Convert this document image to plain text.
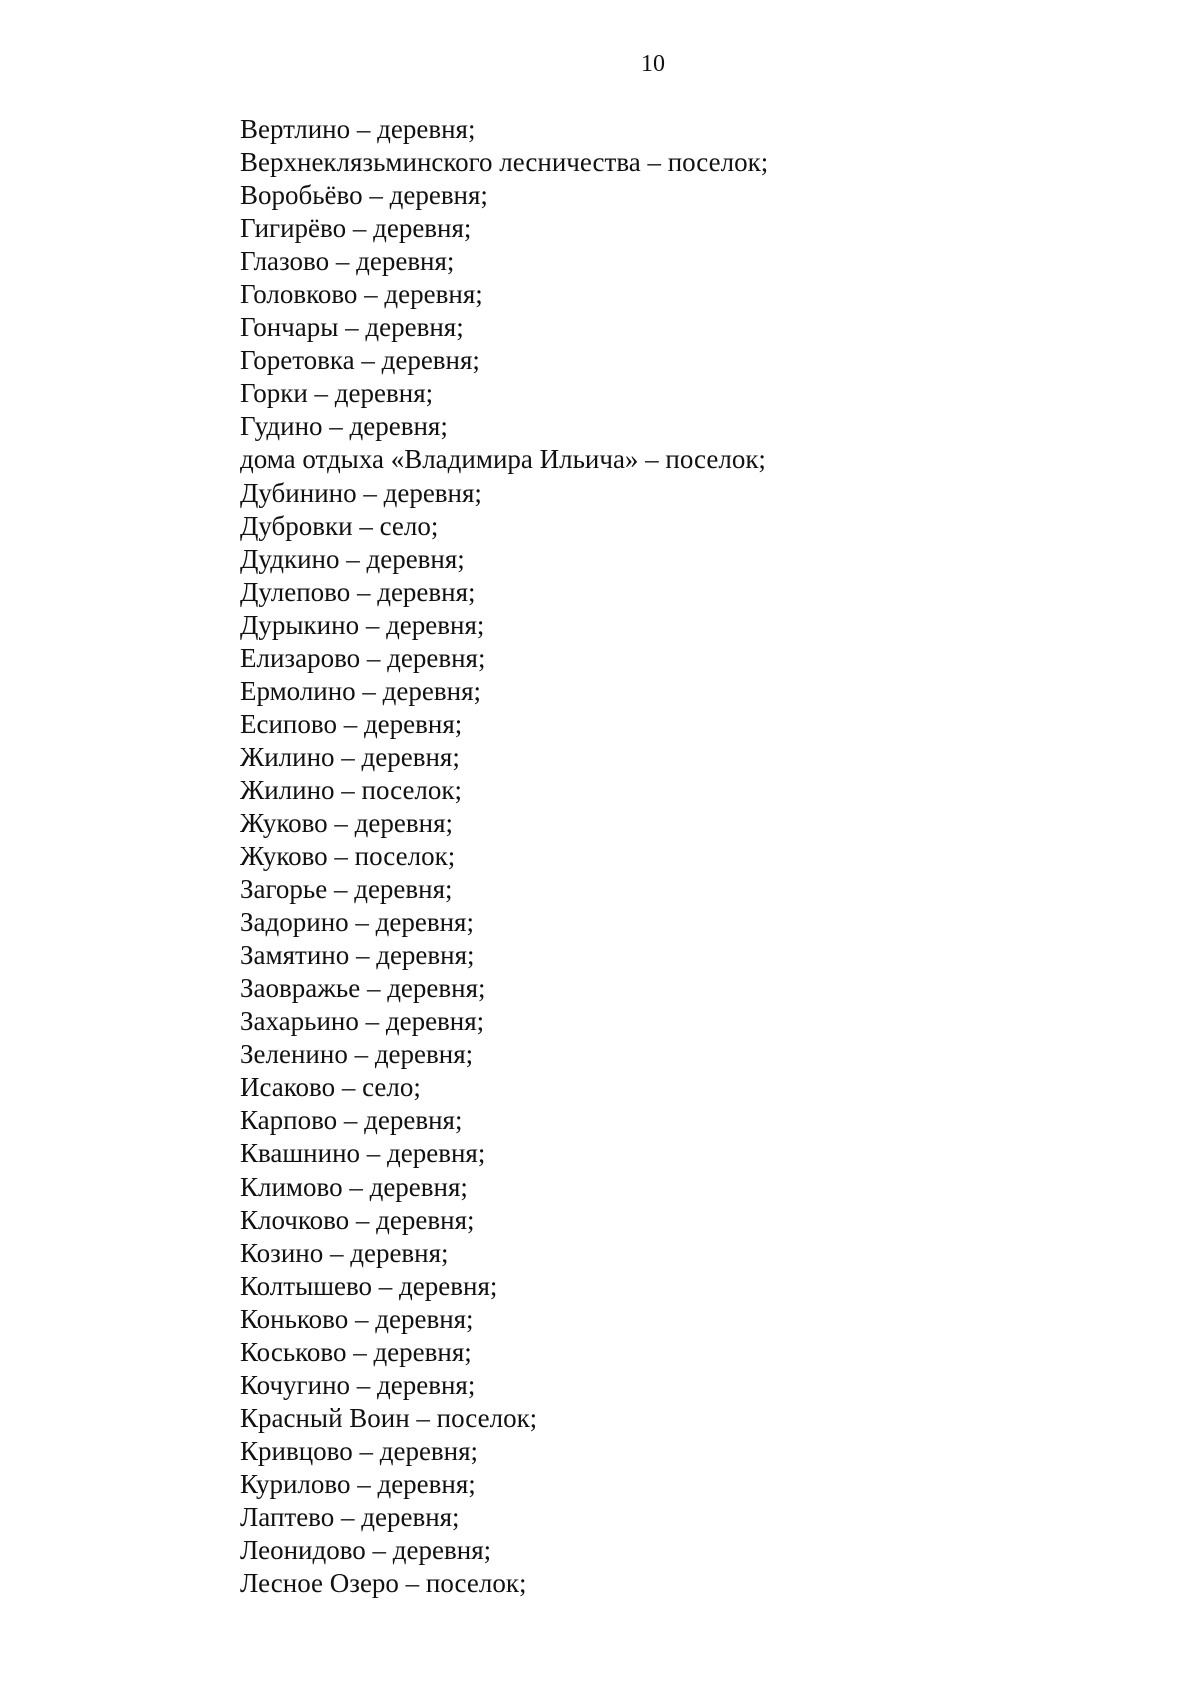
10
Вертлино – деревня;
Верхнеклязьминского лесничества – поселок;
Воробьёво – деревня;
Гигирёво – деревня;
Глазово – деревня;
Головково – деревня;
Гончары – деревня;
Горетовка – деревня;
Горки – деревня;
Гудино – деревня;
дома отдыха «Владимира Ильича» – поселок;
Дубинино – деревня;
Дубровки – село;
Дудкино – деревня;
Дулепово – деревня;
Дурыкино – деревня;
Елизарово – деревня;
Ермолино – деревня;
Есипово – деревня;
Жилино – деревня;
Жилино – поселок;
Жуково – деревня;
Жуково – поселок;
Загорье – деревня;
Задорино – деревня;
Замятино – деревня;
Заовражье – деревня;
Захарьино – деревня;
Зеленино – деревня;
Исаково – село;
Карпово – деревня;
Квашнино – деревня;
Климово – деревня;
Клочково – деревня;
Козино – деревня;
Колтышево – деревня;
Коньково – деревня;
Коськово – деревня;
Кочугино – деревня;
Красный Воин – поселок;
Кривцово – деревня;
Курилово – деревня;
Лаптево – деревня;
Леонидово – деревня;
Лесное Озеро – поселок;
